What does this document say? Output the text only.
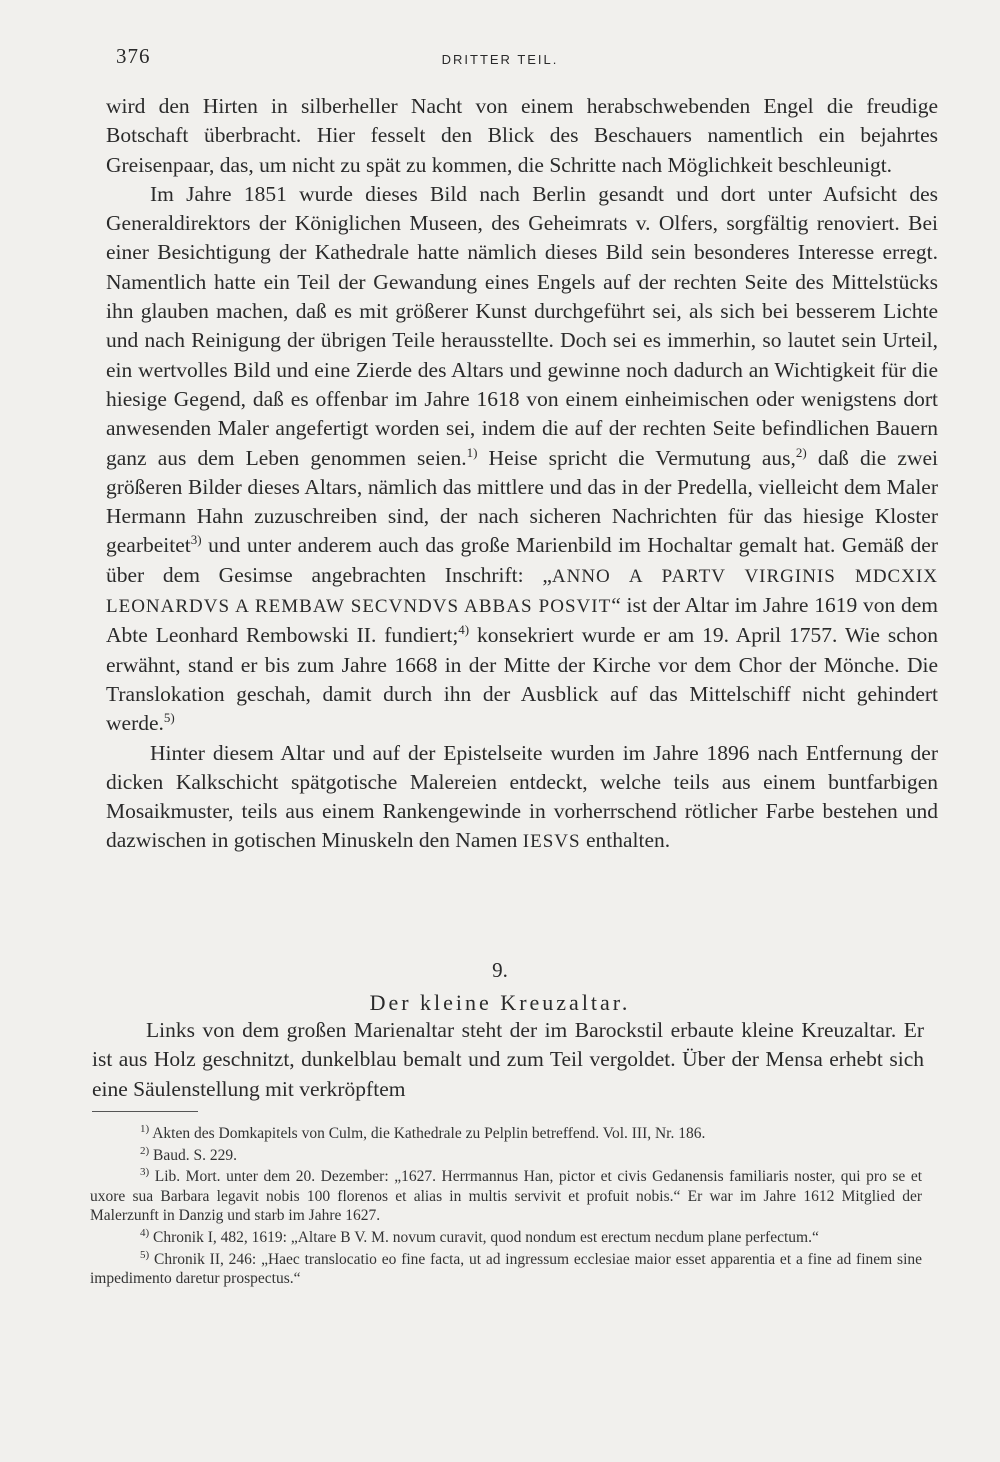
376	DRITTER TEIL.

wird den Hirten in silberheller Nacht von einem herabschwebenden Engel die freudige Botschaft überbracht. Hier fesselt den Blick des Beschauers namentlich ein bejahrtes Greisenpaar, das, um nicht zu spät zu kommen, die Schritte nach Möglichkeit beschleunigt.

Im Jahre 1851 wurde dieses Bild nach Berlin gesandt und dort unter Aufsicht des Generaldirektors der Königlichen Museen, des Geheimrats v. Olfers, sorgfältig renoviert. Bei einer Besichtigung der Kathedrale hatte nämlich dieses Bild sein besonderes Interesse erregt. Namentlich hatte ein Teil der Gewandung eines Engels auf der rechten Seite des Mittelstücks ihn glauben machen, daß es mit größerer Kunst durchgeführt sei, als sich bei besserem Lichte und nach Reinigung der übrigen Teile herausstellte. Doch sei es immerhin, so lautet sein Urteil, ein wertvolles Bild und eine Zierde des Altars und gewinne noch dadurch an Wichtigkeit für die hiesige Gegend, daß es offenbar im Jahre 1618 von einem einheimischen oder wenigstens dort anwesenden Maler angefertigt worden sei, indem die auf der rechten Seite befindlichen Bauern ganz aus dem Leben genommen seien.$^{1)}$ Heise spricht die Vermutung aus,$^{2)}$ daß die zwei größeren Bilder dieses Altars, nämlich das mittlere und das in der Predella, vielleicht dem Maler Hermann Hahn zuzuschreiben sind, der nach sicheren Nachrichten für das hiesige Kloster gearbeitet$^{3)}$ und unter anderem auch das große Marienbild im Hochaltar gemalt hat. Gemäß der über dem Gesimse angebrachten Inschrift: „ANNO A PARTV VIRGINIS MDCXIX LEONARDVS A REMBAW SECVNDVS ABBAS POSVIT“ ist der Altar im Jahre 1619 von dem Abte Leonhard Rembowski II. fundiert;$^{4)}$ konsekriert wurde er am 19. April 1757. Wie schon erwähnt, stand er bis zum Jahre 1668 in der Mitte der Kirche vor dem Chor der Mönche. Die Translokation geschah, damit durch ihn der Ausblick auf das Mittelschiff nicht gehindert werde.$^{5)}$

Hinter diesem Altar und auf der Epistelseite wurden im Jahre 1896 nach Entfernung der dicken Kalkschicht spätgotische Malereien entdeckt, welche teils aus einem buntfarbigen Mosaikmuster, teils aus einem Rankengewinde in vorherrschend rötlicher Farbe bestehen und dazwischen in gotischen Minuskeln den Namen IESVS enthalten.

9.
Der kleine Kreuzaltar.

Links von dem großen Marienaltar steht der im Barockstil erbaute kleine Kreuzaltar. Er ist aus Holz geschnitzt, dunkelblau bemalt und zum Teil vergoldet. Über der Mensa erhebt sich eine Säulenstellung mit verkröpftem

$^{1)}$ Akten des Domkapitels von Culm, die Kathedrale zu Pelplin betreffend. Vol. III, Nr. 186.

$^{2)}$ Baud. S. 229.

$^{3)}$ Lib. Mort. unter dem 20. Dezember: „1627. Herrmannus Han, pictor et civis Gedanensis familiaris noster, qui pro se et uxore sua Barbara legavit nobis 100 florenos et alias in multis servivit et profuit nobis.“ Er war im Jahre 1612 Mitglied der Malerzunft in Danzig und starb im Jahre 1627.

$^{4)}$ Chronik I, 482, 1619: „Altare B V. M. novum curavit, quod nondum est erectum necdum plane perfectum.“

$^{5)}$ Chronik II, 246: „Haec translocatio eo fine facta, ut ad ingressum ecclesiae maior esset apparentia et a fine ad finem sine impedimento daretur prospectus.“
